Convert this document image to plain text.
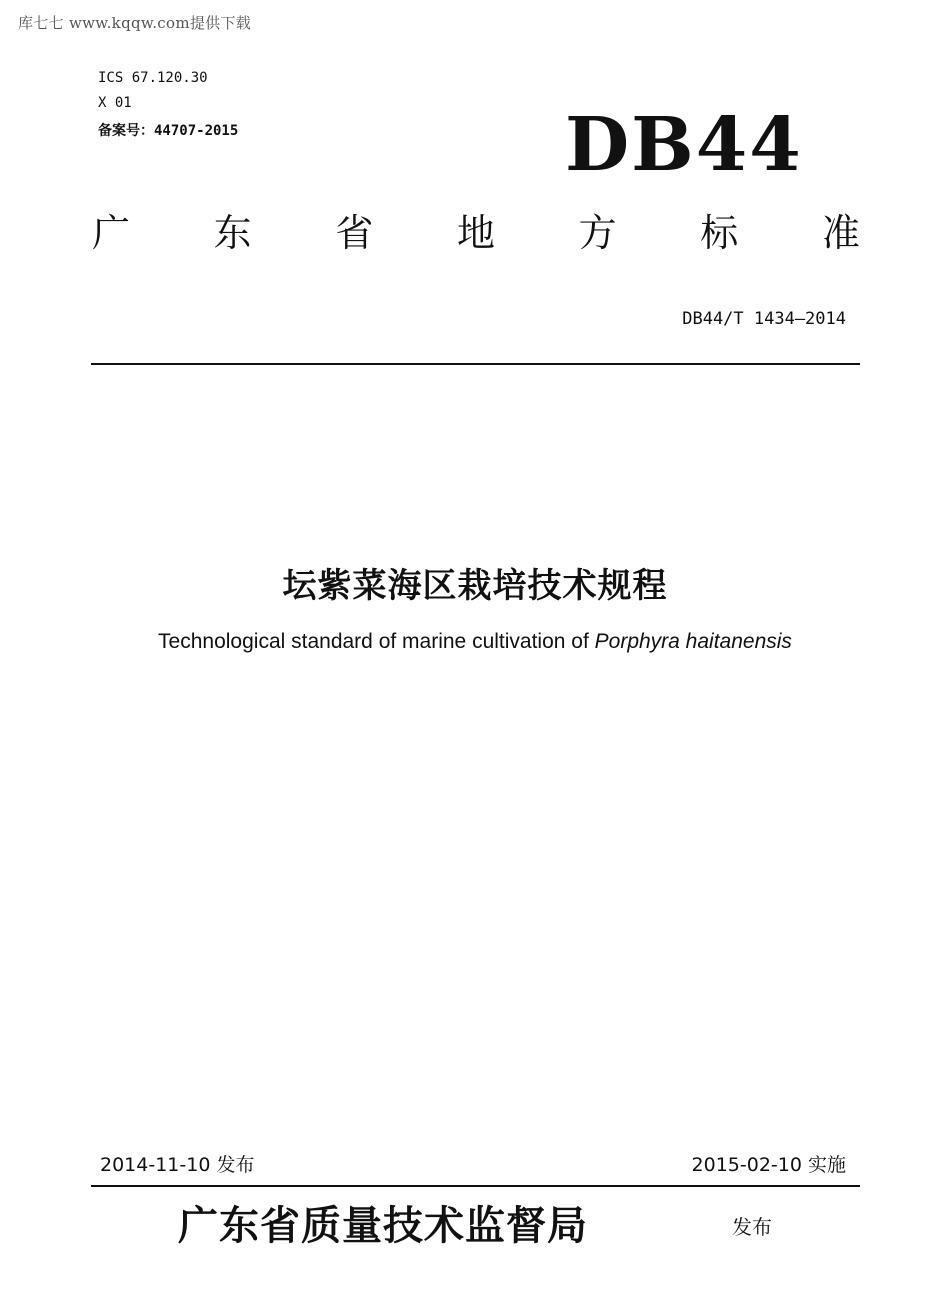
库七七 www.kqqw.com提供下载
ICS 67.120.30
X 01
备案号：44707-2015	DB44
广 东 省 地 方 标 准
DB44/T 1434—2014
坛紫菜海区栽培技术规程
Technological standard of marine cultivation of Porphyra haitanensis
2014-11-10 发布	2015-02-10 实施
广东省质量技术监督局	发布
